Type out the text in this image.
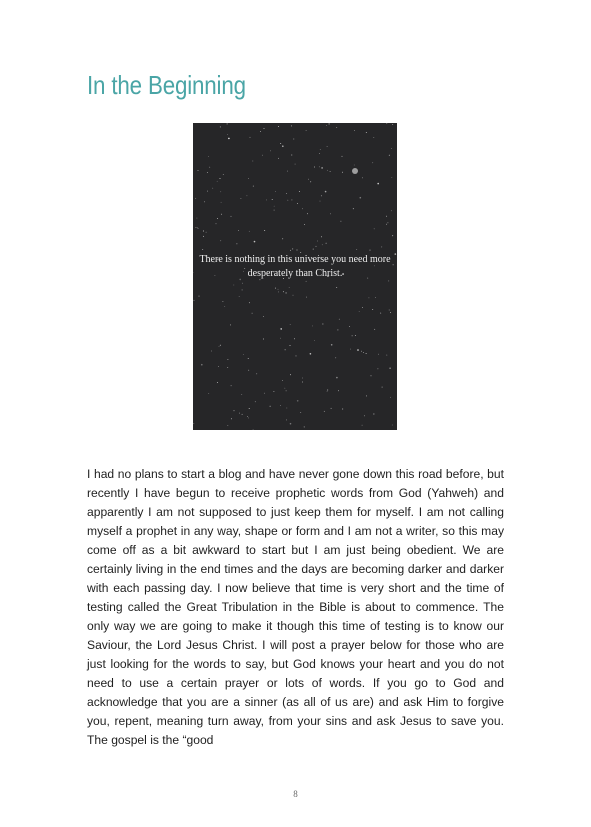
In the Beginning
There is nothing in this universe you need more desperately than Christ.

I had no plans to start a blog and have never gone down this road before, but recently I have begun to receive prophetic words from God (Yahweh) and apparently I am not supposed to just keep them for myself. I am not calling myself a prophet in any way, shape or form and I am not a writer, so this may come off as a bit awkward to start but I am just being obedient. We are certainly living in the end times and the days are becoming darker and darker with each passing day. I now believe that time is very short and the time of testing called the Great Tribulation in the Bible is about to commence. The only way we are going to make it though this time of testing is to know our Saviour, the Lord Jesus Christ. I will post a prayer below for those who are just looking for the words to say, but God knows your heart and you do not need to use a certain prayer or lots of words. If you go to God and acknowledge that you are a sinner (as all of us are) and ask Him to forgive you, repent, meaning turn away, from your sins and ask Jesus to save you. The gospel is the “good

8
